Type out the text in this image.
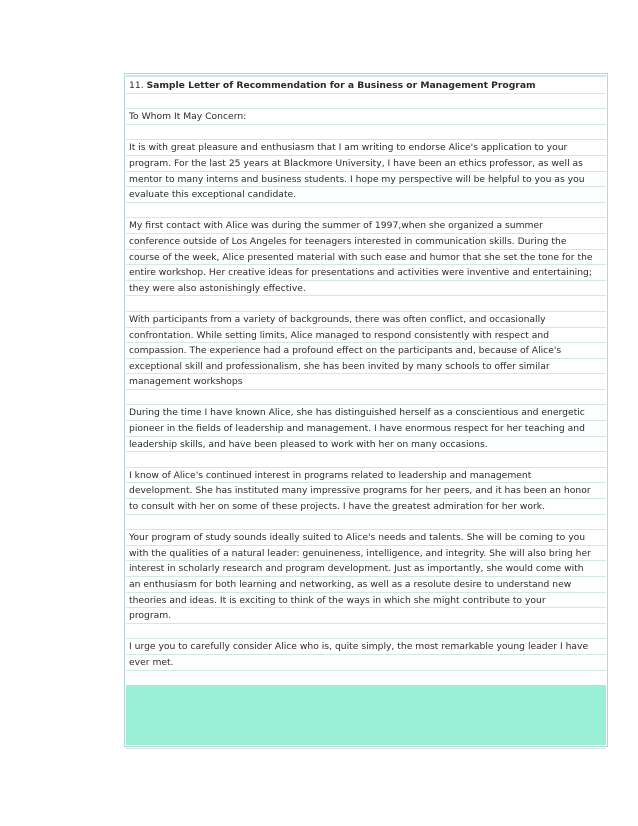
11. Sample Letter of Recommendation for a Business or Management Program
To Whom It May Concern:
It is with great pleasure and enthusiasm that I am writing to endorse Alice's application to your
program. For the last 25 years at Blackmore University, I have been an ethics professor, as well as
mentor to many interns and business students. I hope my perspective will be helpful to you as you
evaluate this exceptional candidate.
My first contact with Alice was during the summer of 1997,when she organized a summer
conference outside of Los Angeles for teenagers interested in communication skills. During the
course of the week, Alice presented material with such ease and humor that she set the tone for the
entire workshop. Her creative ideas for presentations and activities were inventive and entertaining;
they were also astonishingly effective.
With participants from a variety of backgrounds, there was often conflict, and occasionally
confrontation. While setting limits, Alice managed to respond consistently with respect and
compassion. The experience had a profound effect on the participants and, because of Alice's
exceptional skill and professionalism, she has been invited by many schools to offer similar
management workshops
During the time I have known Alice, she has distinguished herself as a conscientious and energetic
pioneer in the fields of leadership and management. I have enormous respect for her teaching and
leadership skills, and have been pleased to work with her on many occasions.
I know of Alice's continued interest in programs related to leadership and management
development. She has instituted many impressive programs for her peers, and it has been an honor
to consult with her on some of these projects. I have the greatest admiration for her work.
Your program of study sounds ideally suited to Alice's needs and talents. She will be coming to you
with the qualities of a natural leader: genuineness, intelligence, and integrity. She will also bring her
interest in scholarly research and program development. Just as importantly, she would come with
an enthusiasm for both learning and networking, as well as a resolute desire to understand new
theories and ideas. It is exciting to think of the ways in which she might contribute to your
program.
I urge you to carefully consider Alice who is, quite simply, the most remarkable young leader I have
ever met.
